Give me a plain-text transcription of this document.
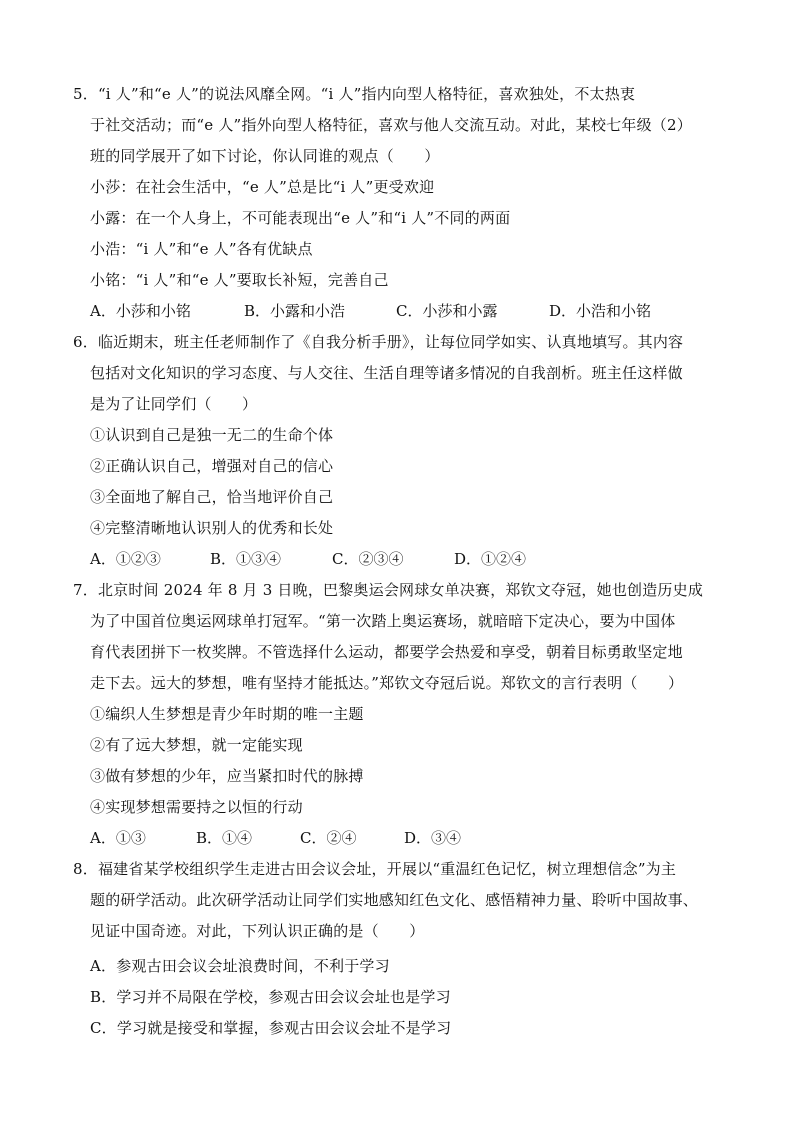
5．“i 人”和“e 人”的说法风靡全网。“i 人”指内向型人格特征，喜欢独处，不太热衷
于社交活动；而“e 人”指外向型人格特征，喜欢与他人交流互动。对此，某校七年级（2）
班的同学展开了如下讨论，你认同谁的观点（　　）
小莎：在社会生活中，“e 人”总是比“i 人”更受欢迎
小露：在一个人身上，不可能表现出“e 人”和“i 人”不同的两面
小浩：“i 人”和“e 人”各有优缺点
小铭：“i 人”和“e 人”要取长补短，完善自己
A．小莎和小铭	B．小露和小浩	C．小莎和小露	D．小浩和小铭
6．临近期末，班主任老师制作了《自我分析手册》，让每位同学如实、认真地填写。其内容
包括对文化知识的学习态度、与人交往、生活自理等诸多情况的自我剖析。班主任这样做
是为了让同学们（　　）
①认识到自己是独一无二的生命个体
②正确认识自己，增强对自己的信心
③全面地了解自己，恰当地评价自己
④完整清晰地认识别人的优秀和长处
A．①②③	B．①③④	C．②③④	D．①②④
7．北京时间 2024 年 8 月 3 日晚，巴黎奥运会网球女单决赛，郑钦文夺冠，她也创造历史成
为了中国首位奥运网球单打冠军。“第一次踏上奥运赛场，就暗暗下定决心，要为中国体
育代表团拼下一枚奖牌。不管选择什么运动，都要学会热爱和享受，朝着目标勇敢坚定地
走下去。远大的梦想，唯有坚持才能抵达。”郑钦文夺冠后说。郑钦文的言行表明（　　）
①编织人生梦想是青少年时期的唯一主题
②有了远大梦想，就一定能实现
③做有梦想的少年，应当紧扣时代的脉搏
④实现梦想需要持之以恒的行动
A．①③	B．①④	C．②④	D．③④
8．福建省某学校组织学生走进古田会议会址，开展以“重温红色记忆，树立理想信念”为主
题的研学活动。此次研学活动让同学们实地感知红色文化、感悟精神力量、聆听中国故事、
见证中国奇迹。对此，下列认识正确的是（　　）
A．参观古田会议会址浪费时间，不利于学习
B．学习并不局限在学校，参观古田会议会址也是学习
C．学习就是接受和掌握，参观古田会议会址不是学习
